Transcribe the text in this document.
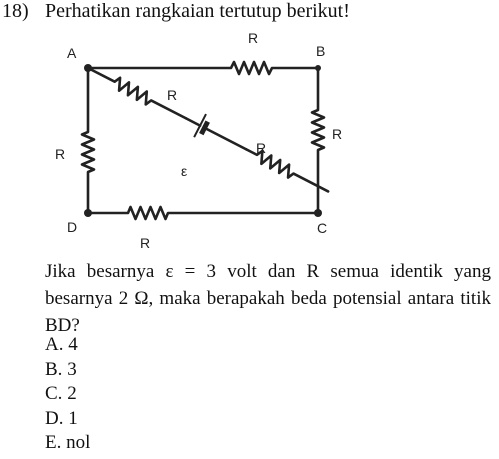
18) Perhatikan rangkaian tertutup berikut!
A	B
C
D
R
R
R
R
R
R
ε
Jika besarnya ε = 3 volt dan R semua identik yang besarnya 2 Ω, maka berapakah beda potensial antara titik BD?
A. 4
B. 3
C. 2
D. 1
E. nol
